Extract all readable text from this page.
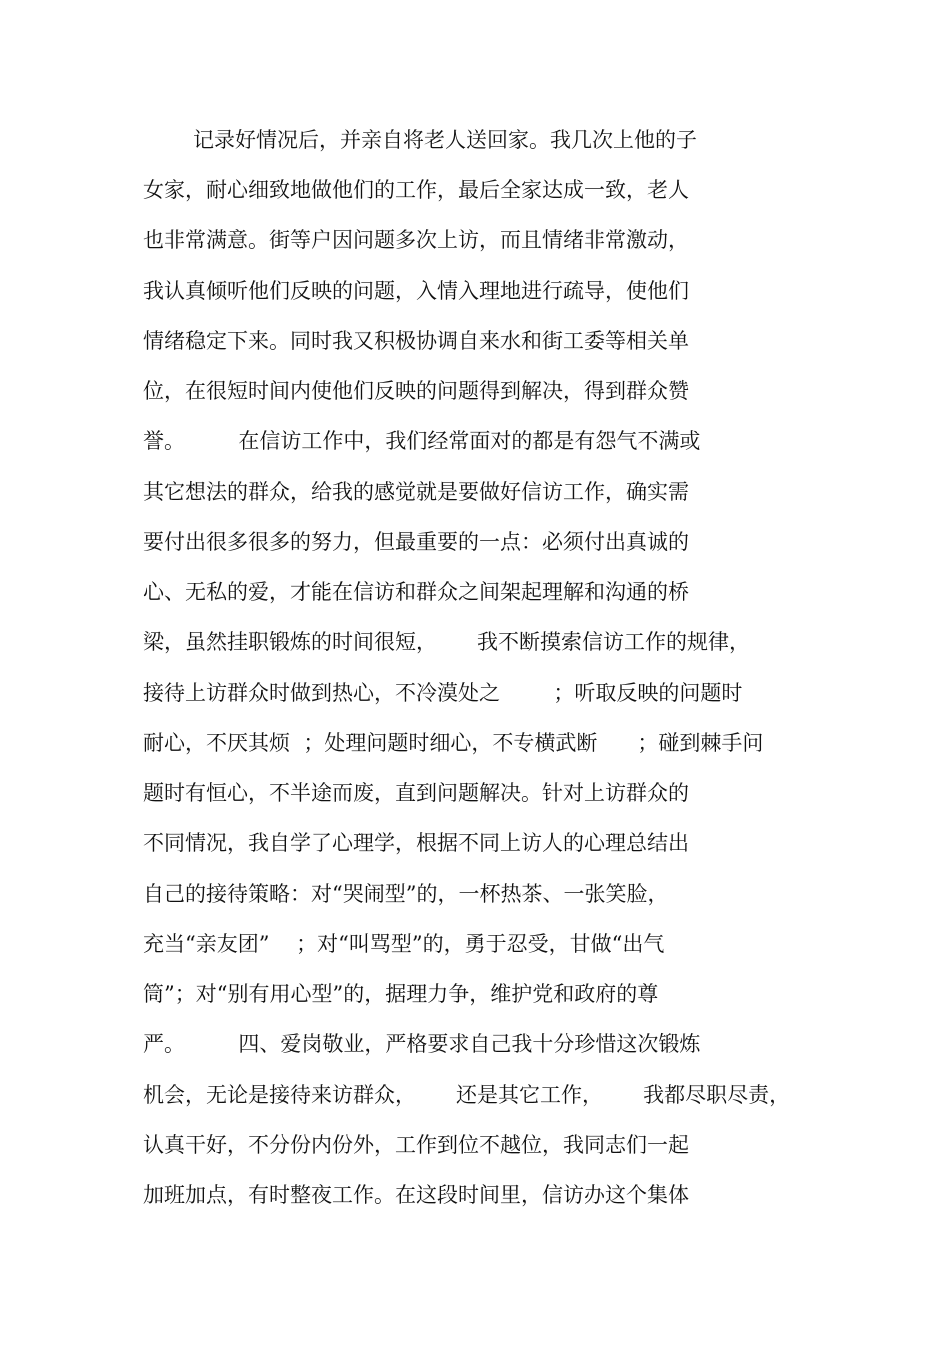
记录好情况后，并亲自将老人送回家。我几次上他的子
女家，耐心细致地做他们的工作，最后全家达成一致，老人
也非常满意。街等户因问题多次上访，而且情绪非常激动，
我认真倾听他们反映的问题，入情入理地进行疏导，使他们
情绪稳定下来。同时我又积极协调自来水和街工委等相关单
位，在很短时间内使他们反映的问题得到解决，得到群众赞
誉。        在信访工作中，我们经常面对的都是有怨气不满或
其它想法的群众，给我的感觉就是要做好信访工作，确实需
要付出很多很多的努力，但最重要的一点：必须付出真诚的
心、无私的爱，才能在信访和群众之间架起理解和沟通的桥
梁，虽然挂职锻炼的时间很短，      我不断摸索信访工作的规律，
接待上访群众时做到热心，不冷漠处之        ；听取反映的问题时
耐心，不厌其烦  ；处理问题时细心，不专横武断      ；碰到棘手问
题时有恒心，不半途而废，直到问题解决。针对上访群众的
不同情况，我自学了心理学，根据不同上访人的心理总结出
自己的接待策略：对“哭闹型”的，一杯热茶、一张笑脸，
充当“亲友团”    ；对“叫骂型”的，勇于忍受，甘做“出气
筒”；对“别有用心型”的，据理力争，维护党和政府的尊
严。        四、爱岗敬业，严格要求自己我十分珍惜这次锻炼
机会，无论是接待来访群众，      还是其它工作，      我都尽职尽责，
认真干好，不分份内份外，工作到位不越位，我同志们一起
加班加点，有时整夜工作。在这段时间里，信访办这个集体
